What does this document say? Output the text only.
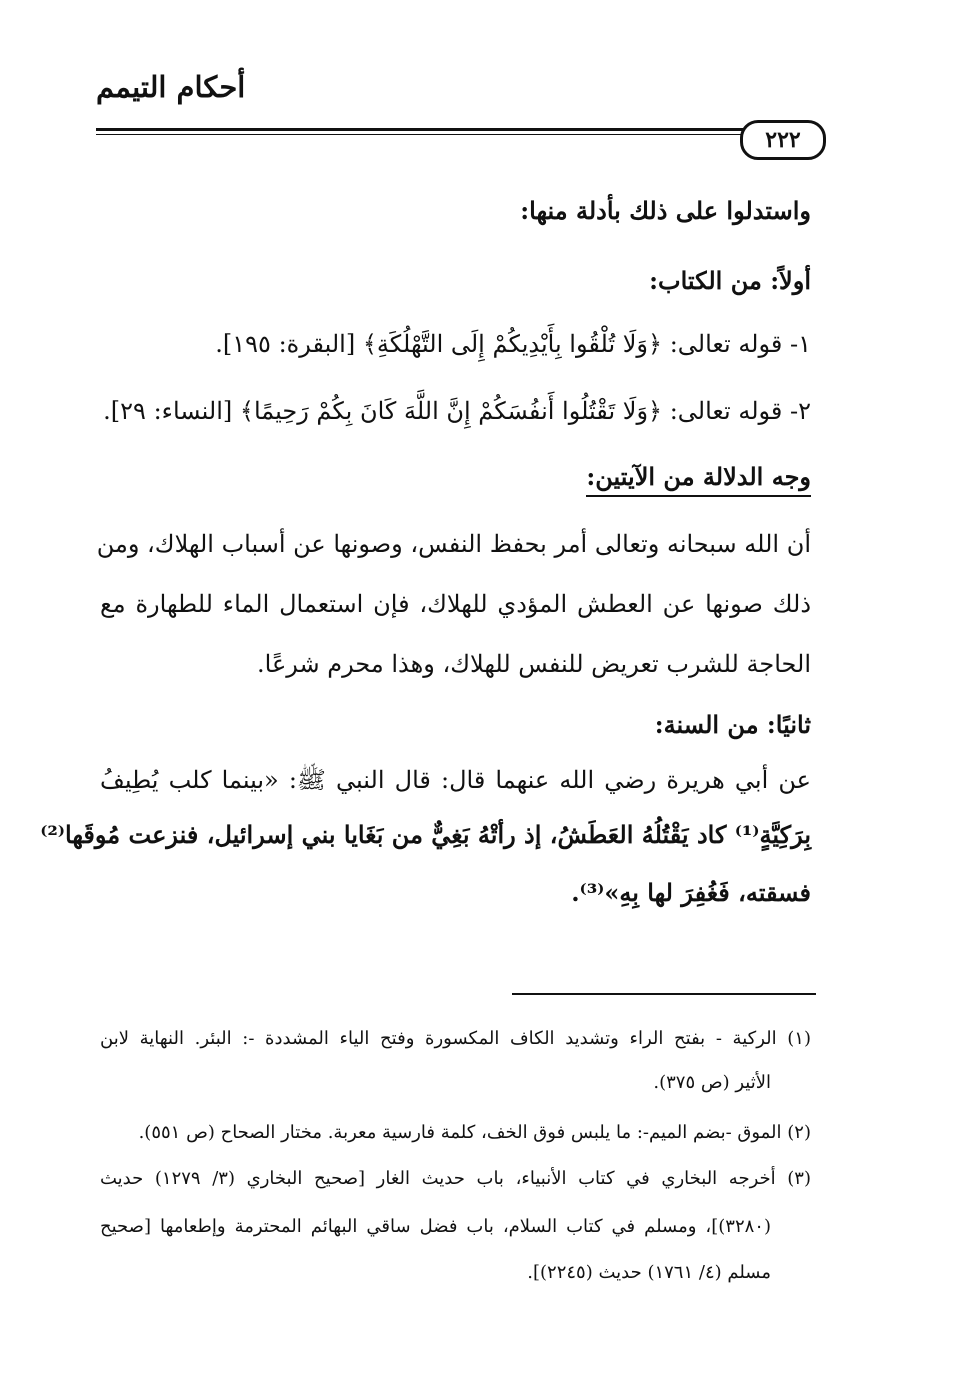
أحكام التيمم
٢٢٢
واستدلوا على ذلك بأدلة منها:
أولاً: من الكتاب:
١- قوله تعالى: ﴿وَلَا تُلْقُوا بِأَيْدِيكُمْ إِلَى التَّهْلُكَةِ﴾ [البقرة: ١٩٥].
٢- قوله تعالى: ﴿وَلَا تَقْتُلُوا أَنفُسَكُمْ إِنَّ اللَّهَ كَانَ بِكُمْ رَحِيمًا﴾ [النساء: ٢٩].
وجه الدلالة من الآيتين:
أن الله سبحانه وتعالى أمر بحفظ النفس، وصونها عن أسباب الهلاك، ومن
ذلك صونها عن العطش المؤدي للهلاك، فإن استعمال الماء للطهارة مع
الحاجة للشرب تعريض للنفس للهلاك، وهذا محرم شرعًا.
ثانيًا: من السنة:
عن أبي هريرة رضي الله عنهما قال: قال النبي ﷺ: «بينما كلب يُطِيفُ
بِرَكِيَّةٍ⁽¹⁾ كاد يَقْتُلُهُ العَطَشُ، إذ رأتْهُ بَغِيٌّ من بَغَايا بني إسرائيل، فنزعت مُوقَها⁽²⁾
فسقته، فَغُفِرَ لها بِهِ»⁽³⁾.
(١) الركية - بفتح الراء وتشديد الكاف المكسورة وفتح الياء المشددة -: البئر. النهاية لابن
الأثير (ص ٣٧٥).
(٢) الموق -بضم الميم-: ما يلبس فوق الخف، كلمة فارسية معربة. مختار الصحاح (ص ٥٥١).
(٣) أخرجه البخاري في كتاب الأنبياء، باب حديث الغار [صحيح البخاري (٣/ ١٢٧٩) حديث
(٣٢٨٠)]، ومسلم في كتاب السلام، باب فضل ساقي البهائم المحترمة وإطعامها [صحيح
مسلم (٤/ ١٧٦١) حديث (٢٢٤٥)].
